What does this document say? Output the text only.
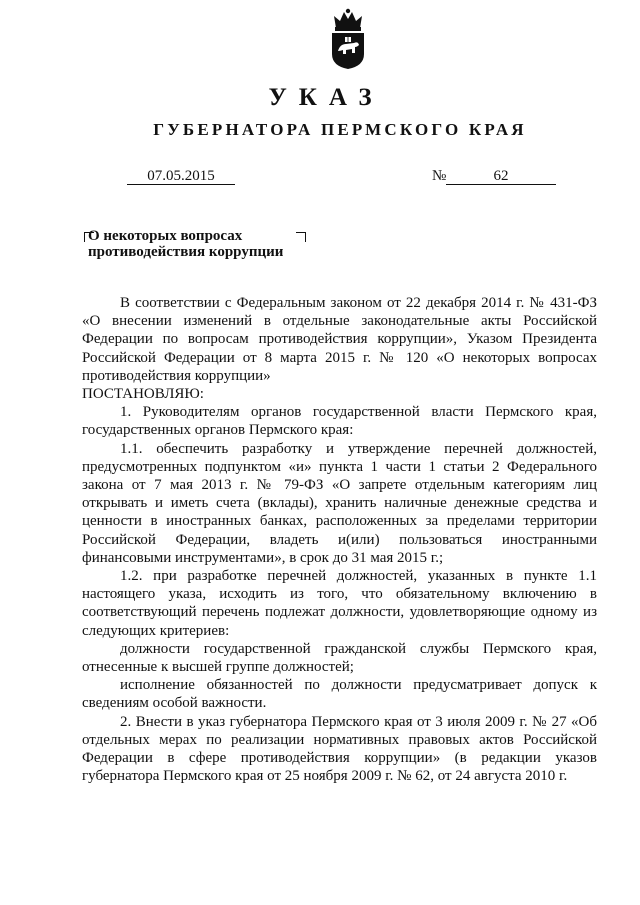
УКАЗ
ГУБЕРНАТОРА ПЕРМСКОГО КРАЯ
07.05.2015	№	62
О некоторых вопросах
противодействия коррупции

В соответствии с Федеральным законом от 22 декабря 2014 г. № 431-ФЗ «О внесении изменений в отдельные законодательные акты Российской Федерации по вопросам противодействия коррупции», Указом Президента Российской Федерации от 8 марта 2015 г. № 120 «О некоторых вопросах противодействия коррупции»

ПОСТАНОВЛЯЮ:

1. Руководителям органов государственной власти Пермского края, государственных органов Пермского края:

1.1. обеспечить разработку и утверждение перечней должностей, предусмотренных подпунктом «и» пункта 1 части 1 статьи 2 Федерального закона от 7 мая 2013 г. № 79-ФЗ «О запрете отдельным категориям лиц открывать и иметь счета (вклады), хранить наличные денежные средства и ценности в иностранных банках, расположенных за пределами территории Российской Федерации, владеть и(или) пользоваться иностранными финансовыми инструментами», в срок до 31 мая 2015 г.;

1.2. при разработке перечней должностей, указанных в пункте 1.1 настоящего указа, исходить из того, что обязательному включению в соответствующий перечень подлежат должности, удовлетворяющие одному из следующих критериев:

должности государственной гражданской службы Пермского края, отнесенные к высшей группе должностей;

исполнение обязанностей по должности предусматривает допуск к сведениям особой важности.

2. Внести в указ губернатора Пермского края от 3 июля 2009 г. № 27 «Об отдельных мерах по реализации нормативных правовых актов Российской Федерации в сфере противодействия коррупции» (в редакции указов губернатора Пермского края от 25 ноября 2009 г. № 62, от 24 августа 2010 г.
